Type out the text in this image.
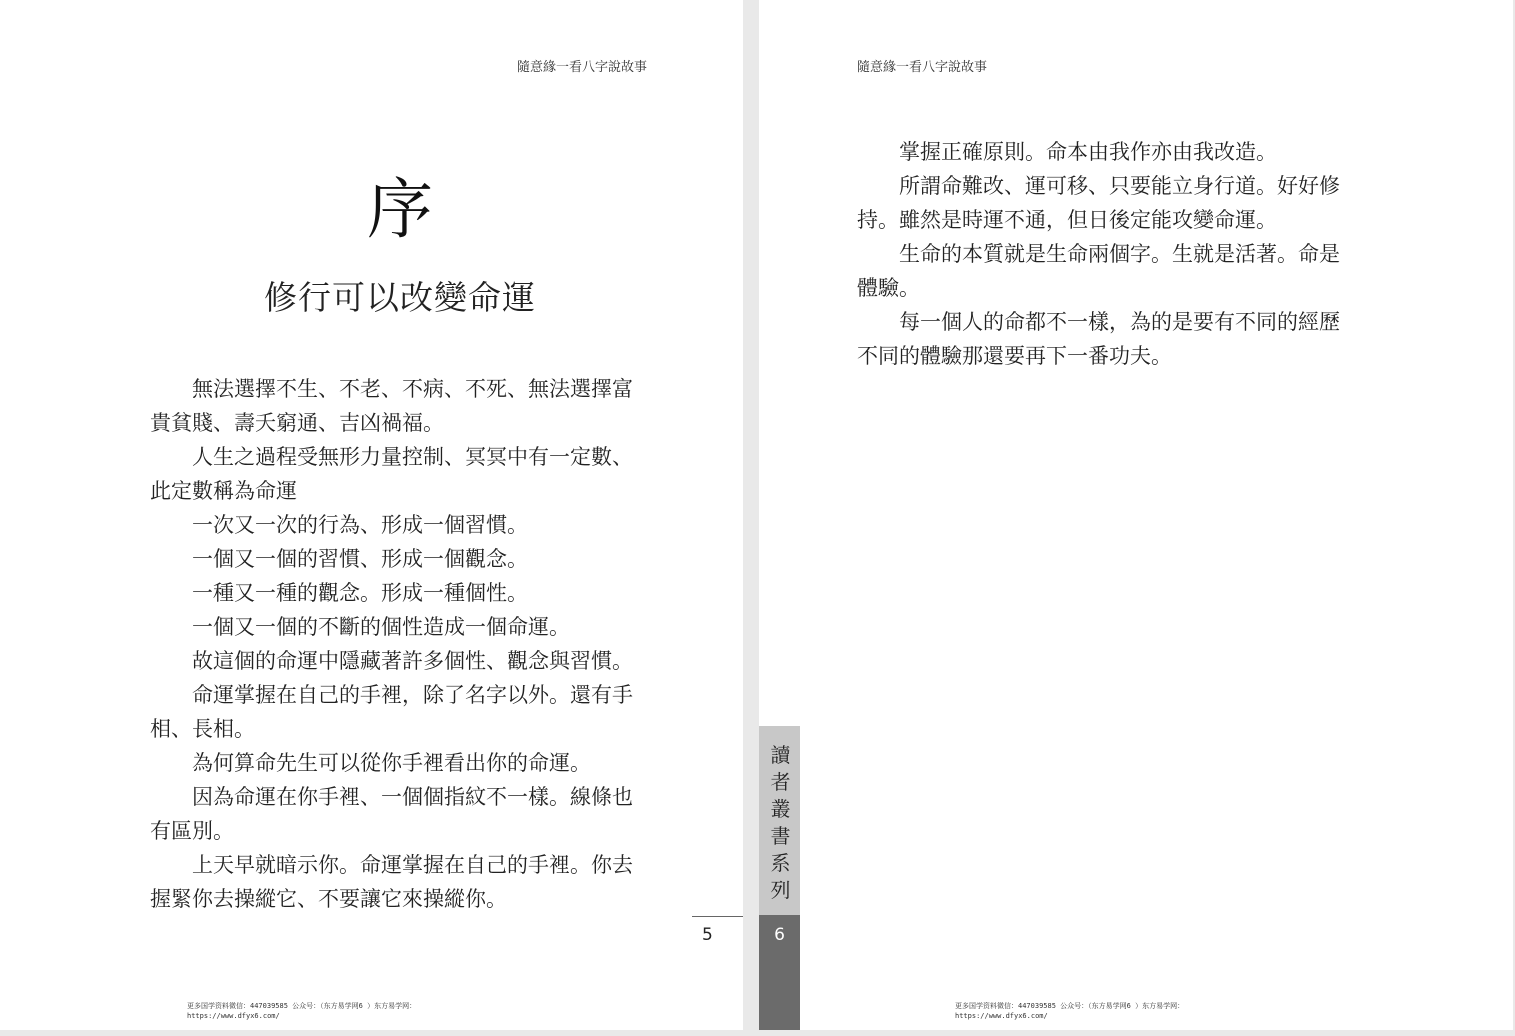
隨意緣一看八字說故事
序
修行可以改變命運

無法選擇不生、不老、不病、不死、無法選擇富貴貧賤、壽夭窮通、吉凶禍福。

人生之過程受無形力量控制、冥冥中有一定數、此定數稱為命運

一次又一次的行為、形成一個習慣。

一個又一個的習慣、形成一個觀念。

一種又一種的觀念。形成一種個性。

一個又一個的不斷的個性造成一個命運。

故這個的命運中隱藏著許多個性、觀念與習慣。

命運掌握在自己的手裡，除了名字以外。還有手相、長相。

為何算命先生可以從你手裡看出你的命運。

因為命運在你手裡、一個個指紋不一樣。線條也有區別。

上天早就暗示你。命運掌握在自己的手裡。你去握緊你去操縱它、不要讓它來操縱你。

5
更多国学资料微信：447039585 公众号：（东方易学网6 ）东方易学网：
https://www.dfyx6.com/
隨意緣一看八字說故事

掌握正確原則。命本由我作亦由我改造。

所謂命難改、運可移、只要能立身行道。好好修持。雖然是時運不通，但日後定能攻變命運。

生命的本質就是生命兩個字。生就是活著。命是體驗。

每一個人的命都不一樣，為的是要有不同的經歷不同的體驗那還要再下一番功夫。

讀者叢書系列
6
更多国学资料微信：447039585 公众号：（东方易学网6 ）东方易学网：
https://www.dfyx6.com/
